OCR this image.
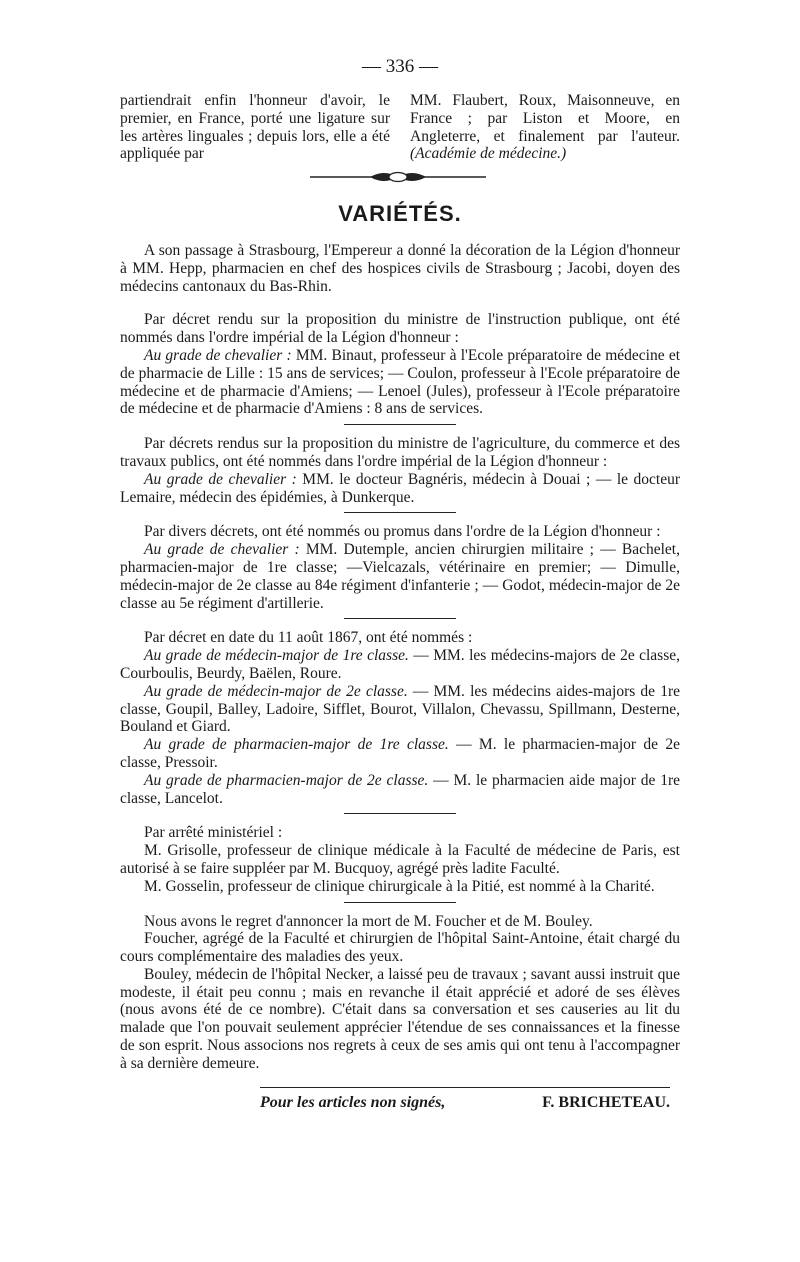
— 336 —
partiendrait enfin l'honneur d'avoir, le premier, en France, porté une ligature sur les artères linguales ; depuis lors, elle a été appliquée par
MM. Flaubert, Roux, Maisonneuve, en France ; par Liston et Moore, en Angleterre, et finalement par l'auteur. (Académie de médecine.)
VARIÉTÉS.

A son passage à Strasbourg, l'Empereur a donné la décoration de la Légion d'honneur à MM. Hepp, pharmacien en chef des hospices civils de Strasbourg ; Jacobi, doyen des médecins cantonaux du Bas-Rhin.

Par décret rendu sur la proposition du ministre de l'instruction publique, ont été nommés dans l'ordre impérial de la Légion d'honneur :

Au grade de chevalier : MM. Binaut, professeur à l'Ecole préparatoire de médecine et de pharmacie de Lille : 15 ans de services; — Coulon, professeur à l'Ecole préparatoire de médecine et de pharmacie d'Amiens; — Lenoel (Jules), professeur à l'Ecole préparatoire de médecine et de pharmacie d'Amiens : 8 ans de services.

Par décrets rendus sur la proposition du ministre de l'agriculture, du commerce et des travaux publics, ont été nommés dans l'ordre impérial de la Légion d'honneur :

Au grade de chevalier : MM. le docteur Bagnéris, médecin à Douai ; — le docteur Lemaire, médecin des épidémies, à Dunkerque.

Par divers décrets, ont été nommés ou promus dans l'ordre de la Légion d'honneur :

Au grade de chevalier : MM. Dutemple, ancien chirurgien militaire ; — Bachelet, pharmacien-major de 1re classe; —Vielcazals, vétérinaire en premier; — Dimulle, médecin-major de 2e classe au 84e régiment d'infanterie ; — Godot, médecin-major de 2e classe au 5e régiment d'artillerie.

Par décret en date du 11 août 1867, ont été nommés :

Au grade de médecin-major de 1re classe. — MM. les médecins-majors de 2e classe, Courboulis, Beurdy, Baëlen, Roure.

Au grade de médecin-major de 2e classe. — MM. les médecins aides-majors de 1re classe, Goupil, Balley, Ladoire, Sifflet, Bourot, Villalon, Chevassu, Spillmann, Desterne, Bouland et Giard.

Au grade de pharmacien-major de 1re classe. — M. le pharmacien-major de 2e classe, Pressoir.

Au grade de pharmacien-major de 2e classe. — M. le pharmacien aide major de 1re classe, Lancelot.

Par arrêté ministériel :

M. Grisolle, professeur de clinique médicale à la Faculté de médecine de Paris, est autorisé à se faire suppléer par M. Bucquoy, agrégé près ladite Faculté.

M. Gosselin, professeur de clinique chirurgicale à la Pitié, est nommé à la Charité.

Nous avons le regret d'annoncer la mort de M. Foucher et de M. Bouley.

Foucher, agrégé de la Faculté et chirurgien de l'hôpital Saint-Antoine, était chargé du cours complémentaire des maladies des yeux.

Bouley, médecin de l'hôpital Necker, a laissé peu de travaux ; savant aussi instruit que modeste, il était peu connu ; mais en revanche il était apprécié et adoré de ses élèves (nous avons été de ce nombre). C'était dans sa conversation et ses causeries au lit du malade que l'on pouvait seulement apprécier l'étendue de ses connaissances et la finesse de son esprit. Nous associons nos regrets à ceux de ses amis qui ont tenu à l'accompagner à sa dernière demeure.

Pour les articles non signés,	F. BRICHETEAU.
